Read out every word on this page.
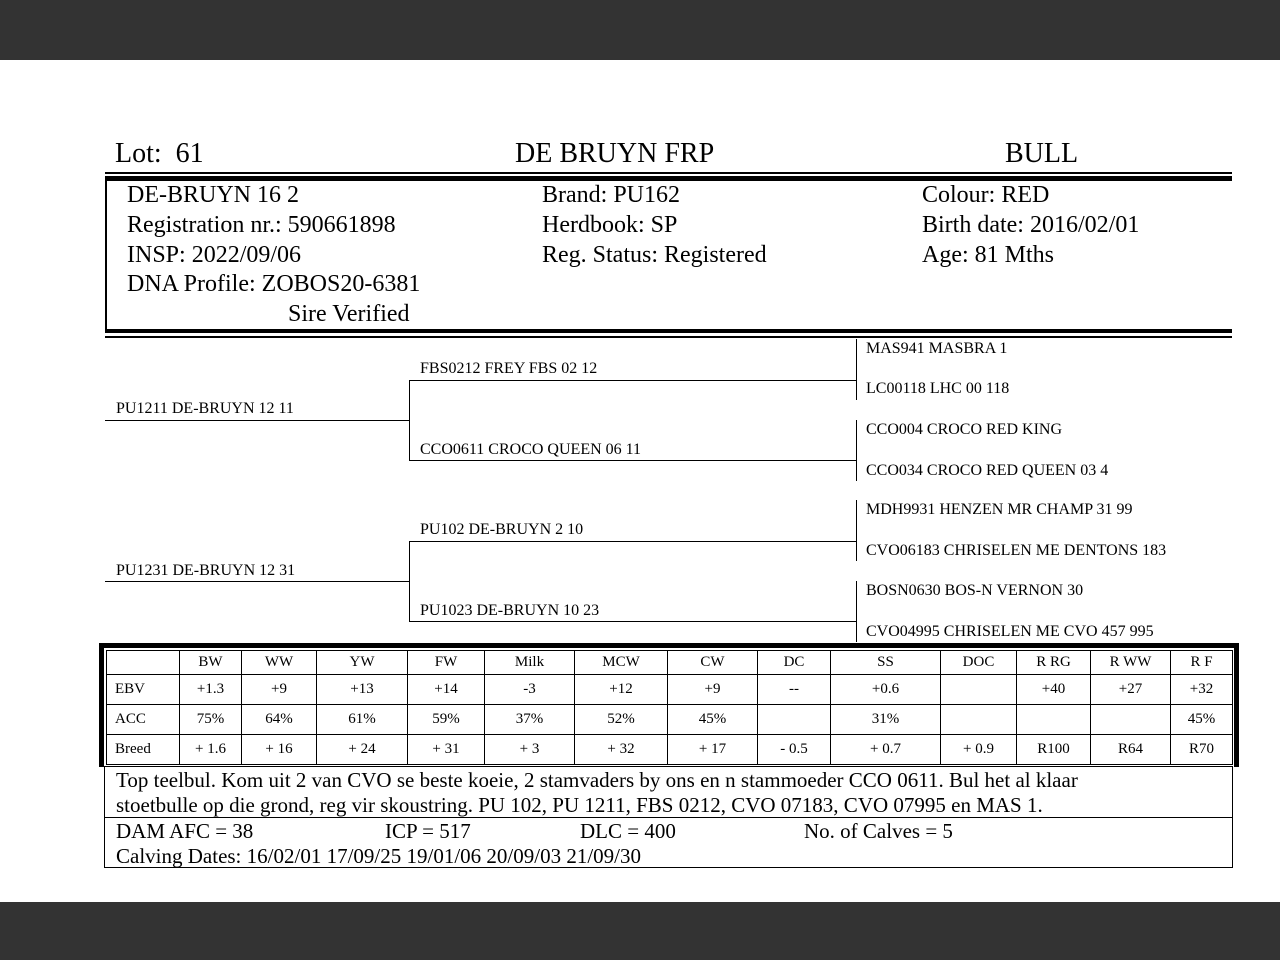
Lot: 61	DE BRUYN FRP	BULL
DE-BRUYN 16 2
Registration nr.: 590661898
INSP: 2022/09/06
DNA Profile: ZOBOS20-6381
Sire Verified
Brand: PU162
Herdbook: SP
Reg. Status: Registered
Colour: RED
Birth date: 2016/02/01
Age: 81 Mths
PU1211 DE-BRUYN 12 11
PU1231 DE-BRUYN 12 31
FBS0212 FREY FBS 02 12
CCO0611 CROCO QUEEN 06 11
PU102 DE-BRUYN 2 10
PU1023 DE-BRUYN 10 23
MAS941 MASBRA 1
LC00118 LHC 00 118
CCO004 CROCO RED KING
CCO034 CROCO RED QUEEN 03 4
MDH9931 HENZEN MR CHAMP 31 99
CVO06183 CHRISELEN ME DENTONS 183
BOSN0630 BOS-N VERNON 30
CVO04995 CHRISELEN ME CVO 457 995
	BW	WW	YW	FW	Milk	MCW	CW	DC	SS	DOC	R RG	R WW	R F
EBV	+1.3	+9	+13	+14	-3	+12	+9	--	+0.6		+40	+27	+32
ACC	75%	64%	61%	59%	37%	52%	45%		31%				45%
Breed	+ 1.6	+ 16	+ 24	+ 31	+ 3	+ 32	+ 17	- 0.5	+ 0.7	+ 0.9	R100	R64	R70
Top teelbul. Kom uit 2 van CVO se beste koeie, 2 stamvaders by ons en n stammoeder CCO 0611. Bul het al klaar
stoetbulle op die grond, reg vir skoustring. PU 102, PU 1211, FBS 0212, CVO 07183, CVO 07995 en MAS 1.
DAM AFC = 38	ICP = 517	DLC = 400	No. of Calves = 5
Calving Dates: 16/02/01 17/09/25 19/01/06 20/09/03 21/09/30
